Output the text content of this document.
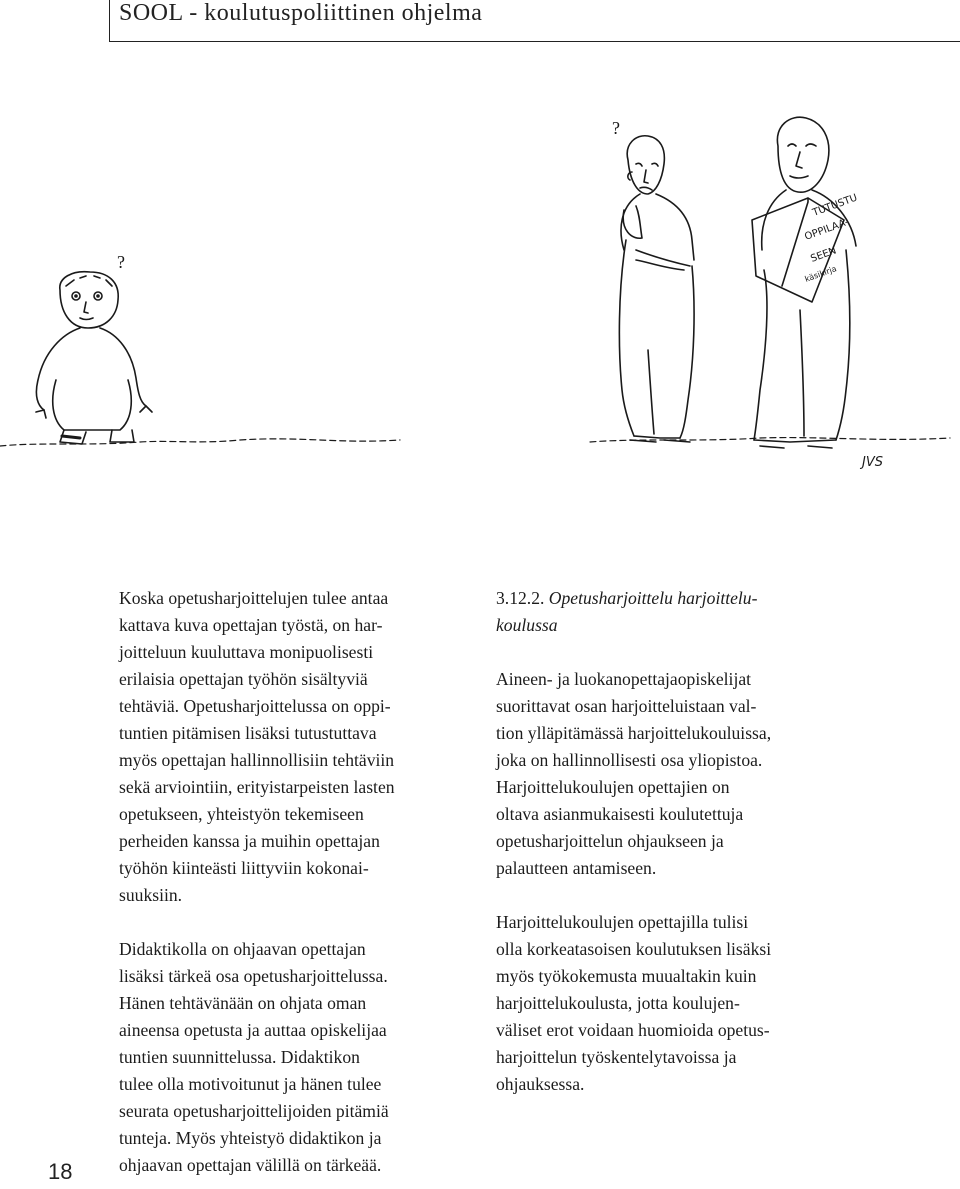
SOOL - koulutuspoliittinen ohjelma
?
?
TUTUSTU
OPPILAA-
SEEN
käsikirja
JVS

Koska opetusharjoittelujen tulee antaa
kattava kuva opettajan työstä, on har-
joitteluun kuuluttava monipuolisesti
erilaisia opettajan työhön sisältyviä
tehtäviä. Opetusharjoittelussa on oppi-
tuntien pitämisen lisäksi tutustuttava
myös opettajan hallinnollisiin tehtäviin
sekä arviointiin, erityistarpeisten lasten
opetukseen, yhteistyön tekemiseen
perheiden kanssa ja muihin opettajan
työhön kiinteästi liittyviin kokonai-
suuksiin.

Didaktikolla on ohjaavan opettajan
lisäksi tärkeä osa opetusharjoittelussa.
Hänen tehtävänään on ohjata oman
aineensa opetusta ja auttaa opiskelijaa
tuntien suunnittelussa. Didaktikon
tulee olla motivoitunut ja hänen tulee
seurata opetusharjoittelijoiden pitämiä
tunteja. Myös yhteistyö didaktikon ja
ohjaavan opettajan välillä on tärkeää.

3.12.2. Opetusharjoittelu harjoittelu-
koulussa

Aineen- ja luokanopettajaopiskelijat
suorittavat osan harjoitteluistaan val-
tion ylläpitämässä harjoittelukouluissa,
joka on hallinnollisesti osa yliopistoa.
Harjoittelukoulujen opettajien on
oltava asianmukaisesti koulutettuja
opetusharjoittelun ohjaukseen ja
palautteen antamiseen.

Harjoittelukoulujen opettajilla tulisi
olla korkeatasoisen koulutuksen lisäksi
myös työkokemusta muualtakin kuin
harjoittelukoulusta, jotta koulujen-
väliset erot voidaan huomioida opetus-
harjoittelun työskentelytavoissa ja
ohjauksessa.

18
